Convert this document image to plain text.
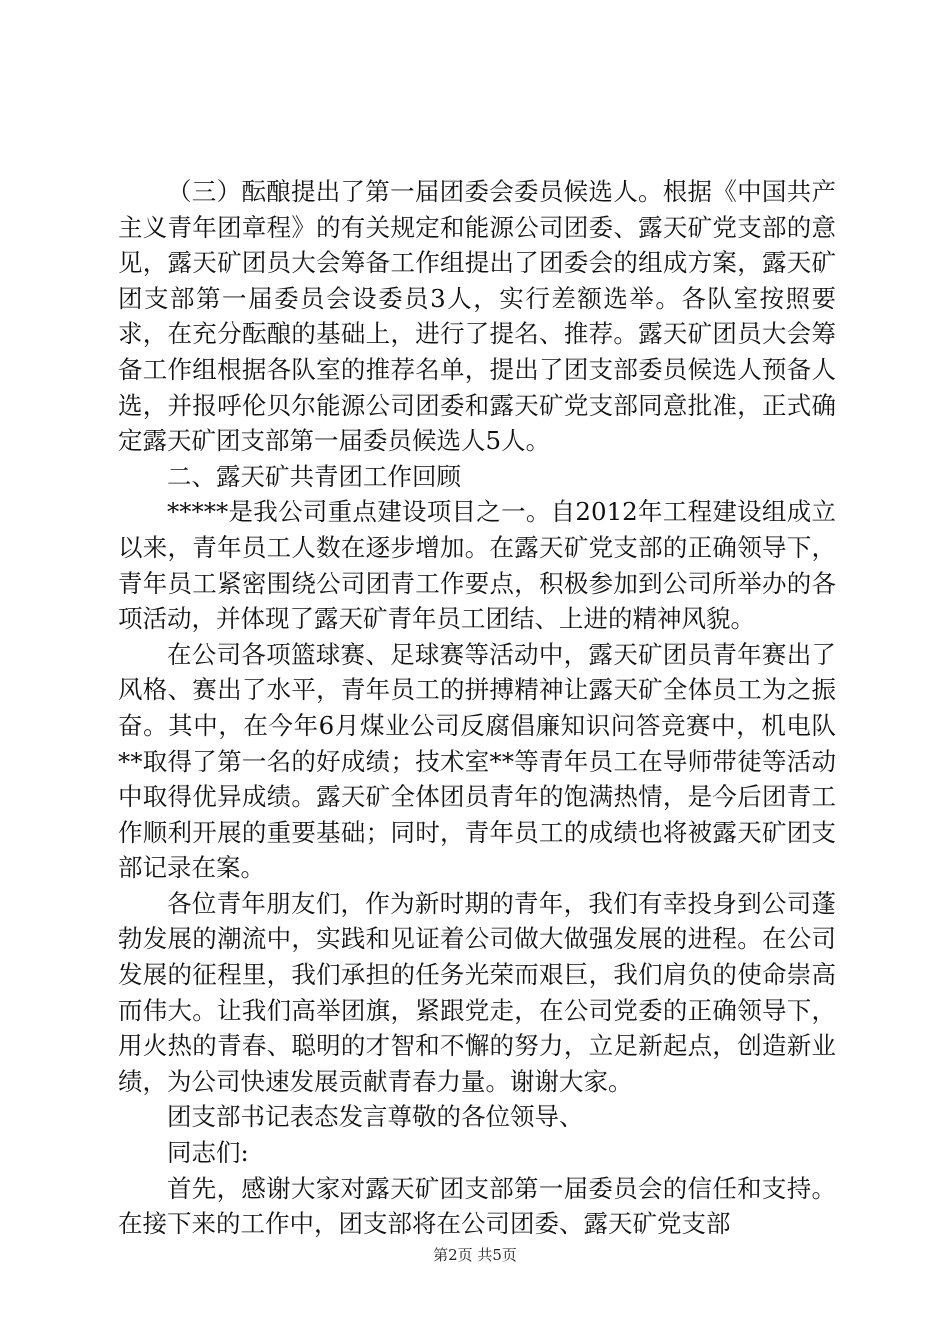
（三）酝酿提出了第一届团委会委员候选人。根据《中国共产主义青年团章程》的有关规定和能源公司团委、露天矿党支部的意见，露天矿团员大会筹备工作组提出了团委会的组成方案，露天矿团支部第一届委员会设委员3人，实行差额选举。各队室按照要求，在充分酝酿的基础上，进行了提名、推荐。露天矿团员大会筹备工作组根据各队室的推荐名单，提出了团支部委员候选人预备人选，并报呼伦贝尔能源公司团委和露天矿党支部同意批准，正式确定露天矿团支部第一届委员候选人5人。

二、露天矿共青团工作回顾

*****是我公司重点建设项目之一。自2012年工程建设组成立以来，青年员工人数在逐步增加。在露天矿党支部的正确领导下，青年员工紧密围绕公司团青工作要点，积极参加到公司所举办的各项活动，并体现了露天矿青年员工团结、上进的精神风貌。

在公司各项篮球赛、足球赛等活动中，露天矿团员青年赛出了风格、赛出了水平，青年员工的拼搏精神让露天矿全体员工为之振奋。其中，在今年6月煤业公司反腐倡廉知识问答竞赛中，机电队**取得了第一名的好成绩；技术室**等青年员工在导师带徒等活动中取得优异成绩。露天矿全体团员青年的饱满热情，是今后团青工作顺利开展的重要基础；同时，青年员工的成绩也将被露天矿团支部记录在案。

各位青年朋友们，作为新时期的青年，我们有幸投身到公司蓬勃发展的潮流中，实践和见证着公司做大做强发展的进程。在公司发展的征程里，我们承担的任务光荣而艰巨，我们肩负的使命崇高而伟大。让我们高举团旗，紧跟党走，在公司党委的正确领导下，用火热的青春、聪明的才智和不懈的努力，立足新起点，创造新业绩，为公司快速发展贡献青春力量。谢谢大家。

团支部书记表态发言尊敬的各位领导、

同志们:

首先，感谢大家对露天矿团支部第一届委员会的信任和支持。在接下来的工作中，团支部将在公司团委、露天矿党支部

第2页 共5页
